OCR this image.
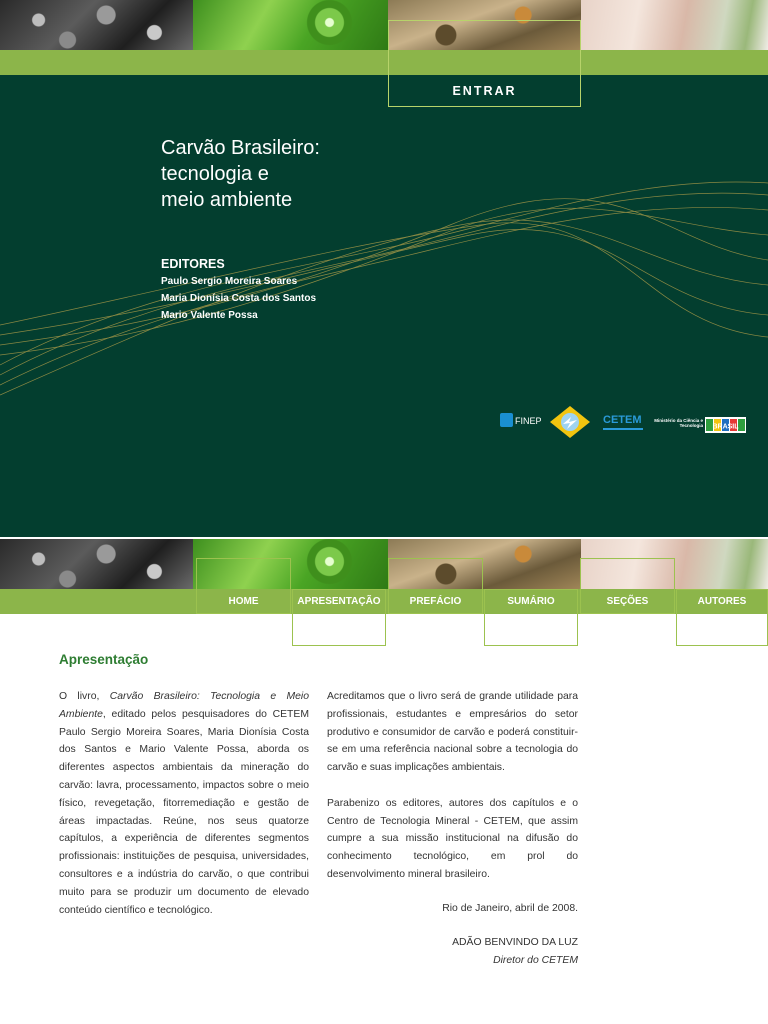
ENTRAR
Carvão Brasileiro:
tecnologia e
meio ambiente
EDITORES
Paulo Sergio Moreira Soares
Maria Dionísia Costa dos Santos
Mario Valente Possa
FINEP	CETEM	Ministério da Ciência e Tecnologia BRASIL
HOME	APRESENTAÇÃO	PREFÁCIO	SUMÁRIO	SEÇÕES	AUTORES
Apresentação

O livro, Carvão Brasileiro: Tecnologia e Meio Ambiente, editado pelos pesquisadores do CETEM Paulo Sergio Moreira Soares, Maria Dionísia Costa dos Santos e Mario Valente Possa, aborda os diferentes aspectos ambientais da mineração do carvão: lavra, processamento, impactos sobre o meio físico, revegetação, fitorremediação e gestão de áreas impactadas. Reúne, nos seus quatorze capítulos, a experiência de diferentes segmentos profissionais: instituições de pesquisa, universidades, consultores e a indústria do carvão, o que contribui muito para se produzir um documento de elevado conteúdo científico e tecnológico.

Acreditamos que o livro será de grande utilidade para profissionais, estudantes e empresários do setor produtivo e consumidor de carvão e poderá constituir-se em uma referência nacional sobre a tecnologia do carvão e suas implicações ambientais.

Parabenizo os editores, autores dos capítulos e o Centro de Tecnologia Mineral - CETEM, que assim cumpre a sua missão institucional na difusão do conhecimento tecnológico, em prol do desenvolvimento mineral brasileiro.

Rio de Janeiro, abril de 2008.
ADÃO BENVINDO DA LUZ
Diretor do CETEM
